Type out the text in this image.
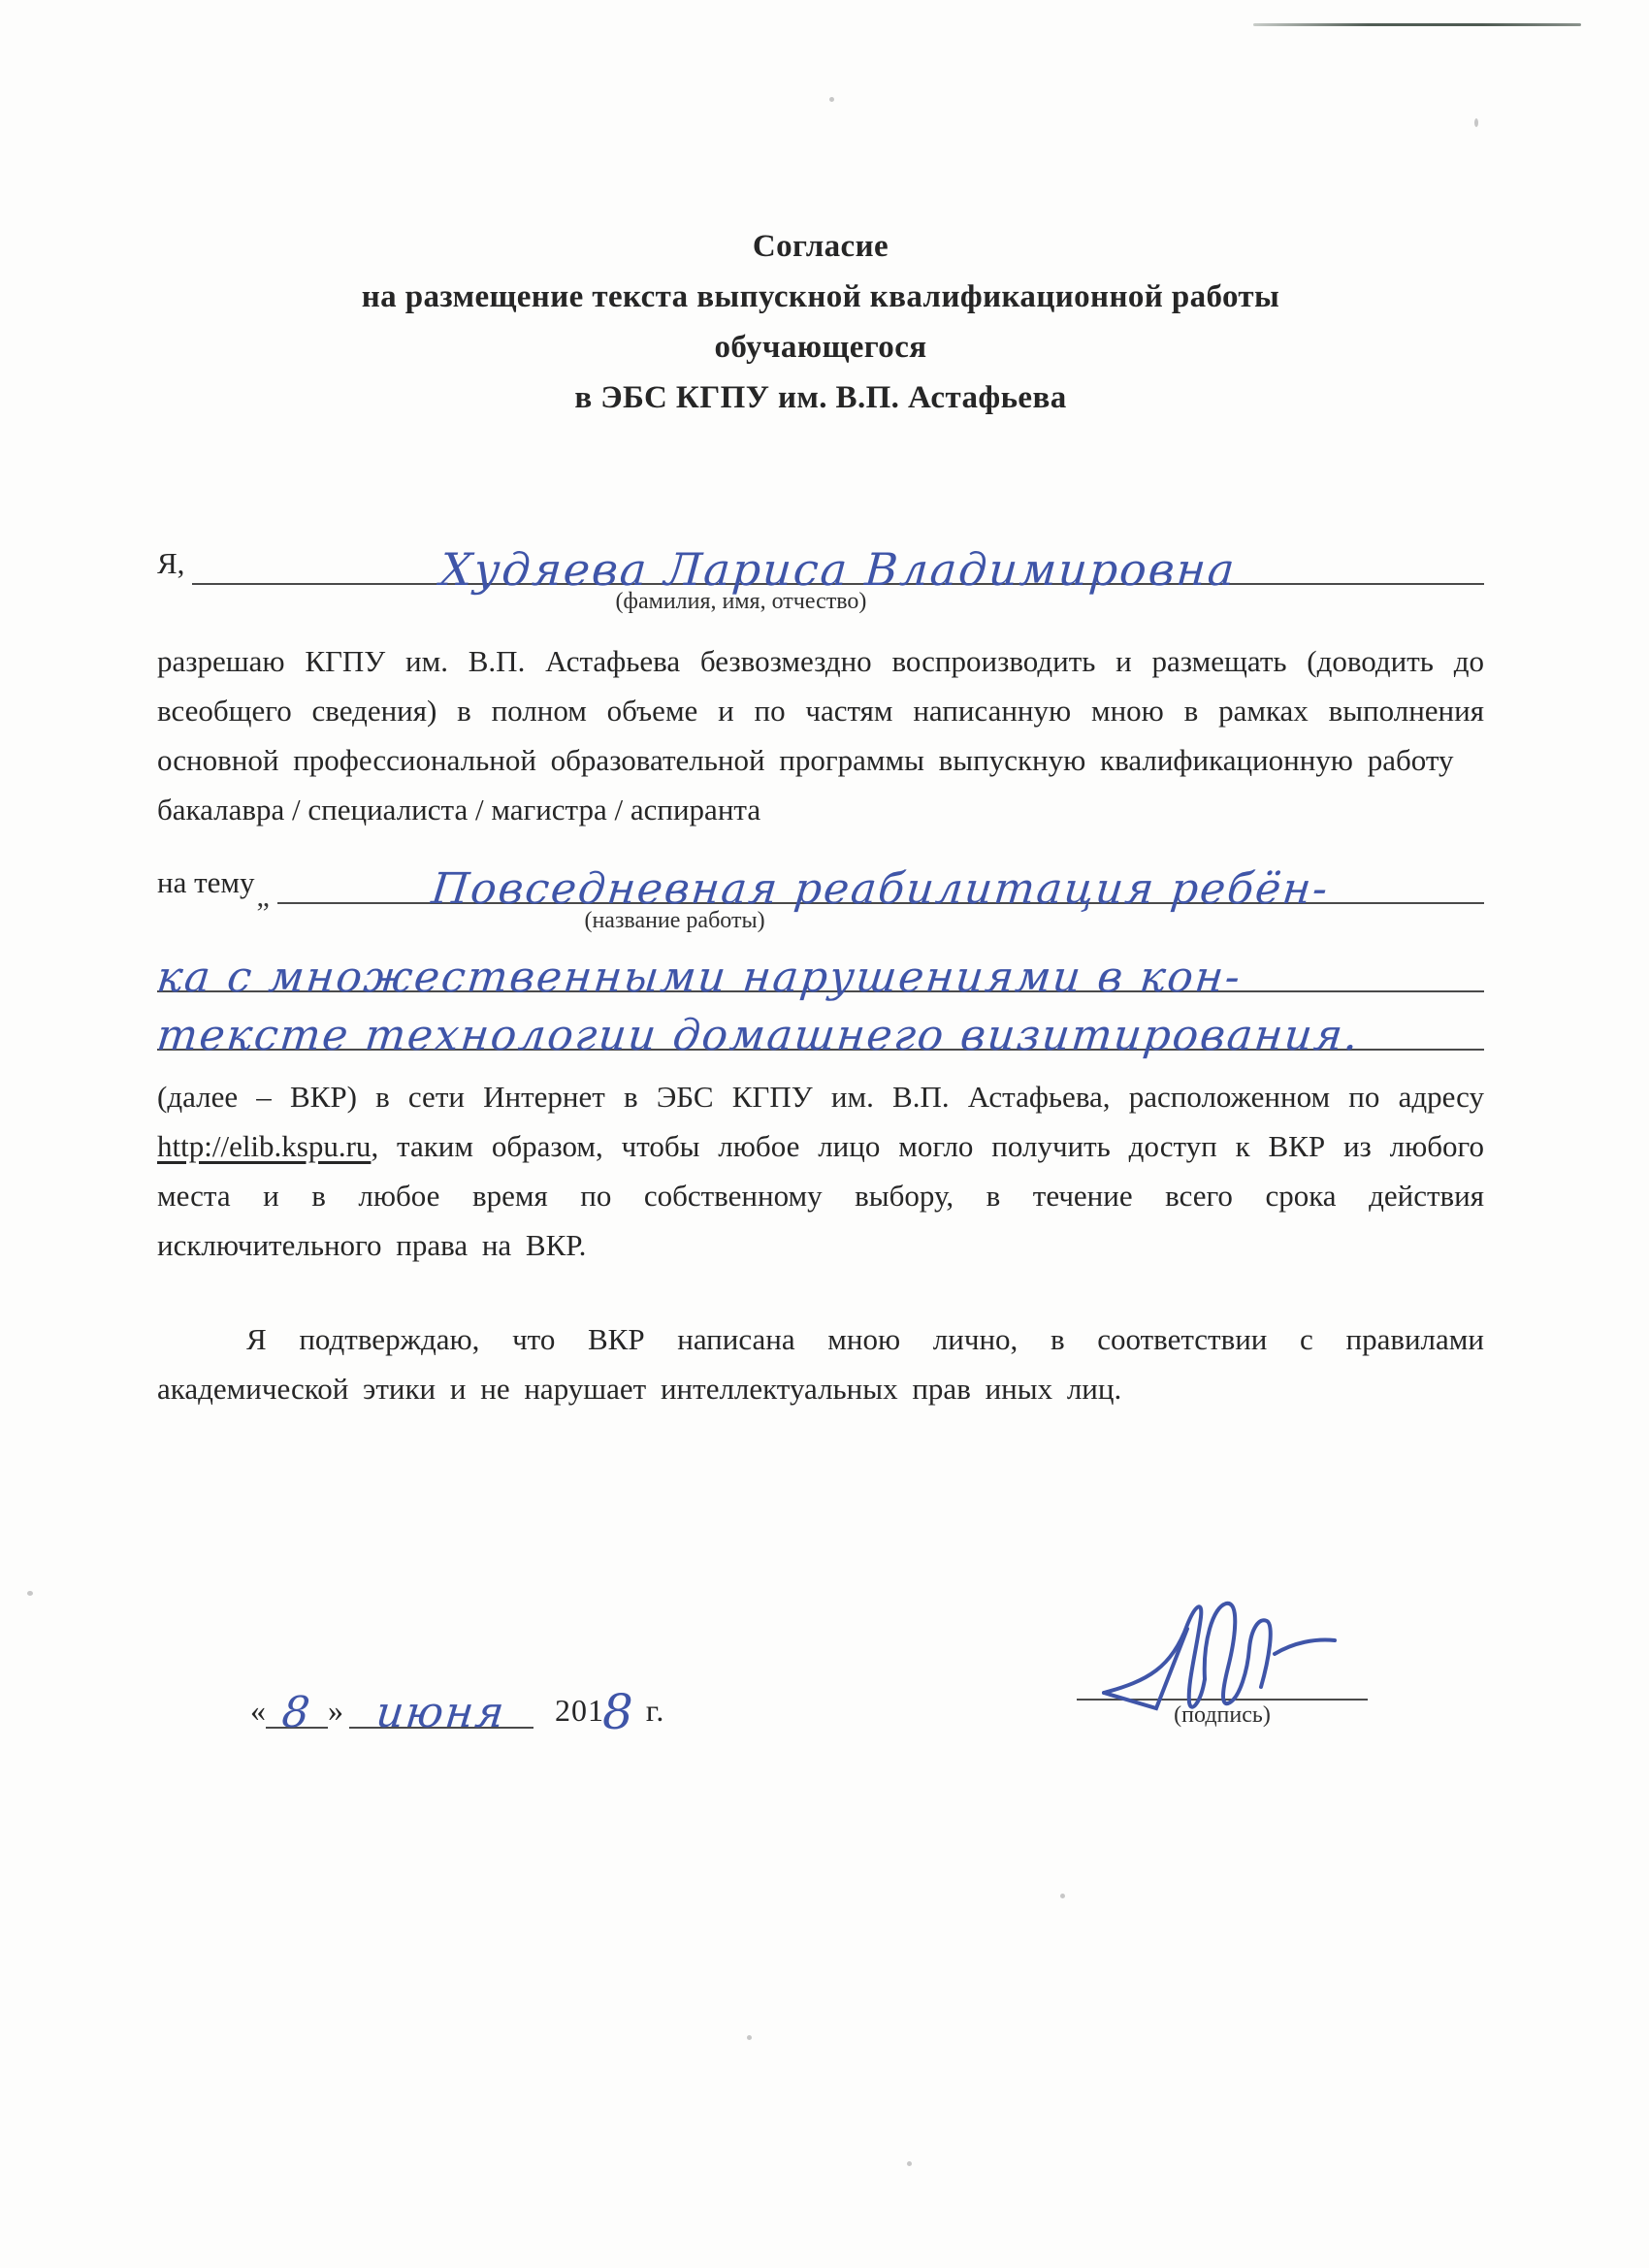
Согласие
на размещение текста выпускной квалификационной работы
обучающегося
в ЭБС КГПУ им. В.П. Астафьева
Я,	Худяева Лариса Владимировна
(фамилия, имя, отчество)
разрешаю КГПУ им. В.П. Астафьева безвозмездно воспроизводить и размещать (доводить до всеобщего сведения) в полном объеме и по частям написанную мною в рамках выполнения основной профессиональной образовательной программы выпускную квалификационную работу
бакалавра / специалиста / магистра / аспиранта
на тему „	Повседневная реабилитация ребён-
(название работы)
ка с множественными нарушениями в кон-
тексте технологии домашнего визитирования.
(далее – ВКР) в сети Интернет в ЭБС КГПУ им. В.П. Астафьева, расположенном по адресу http://elib.kspu.ru, таким образом, чтобы любое лицо могло получить доступ к ВКР из любого места и в любое время по собственному выбору, в течение всего срока действия исключительного права на ВКР.
Я подтверждаю, что ВКР написана мною лично, в соответствии с правилами академической этики и не нарушает интеллектуальных прав иных лиц.
« 8 » июня	2018 г.	(подпись)
